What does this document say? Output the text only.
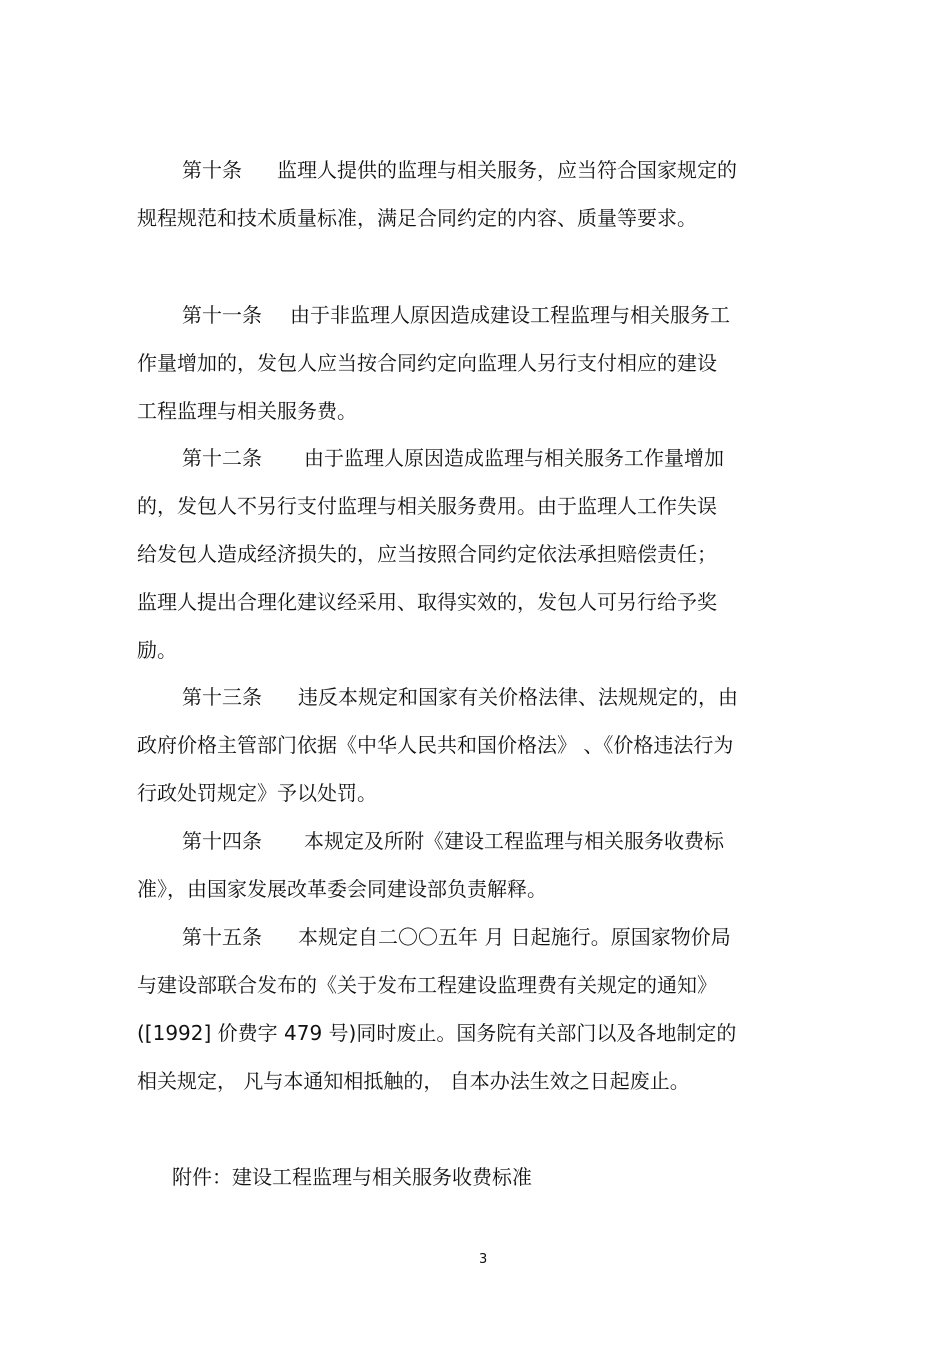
第十条 监理人提供的监理与相关服务，应当符合国家规定的
规程规范和技术质量标准，满足合同约定的内容、质量等要求。
第十一条 由于非监理人原因造成建设工程监理与相关服务工
作量增加的，发包人应当按合同约定向监理人另行支付相应的建设
工程监理与相关服务费。
第十二条 由于监理人原因造成监理与相关服务工作量增加
的，发包人不另行支付监理与相关服务费用。由于监理人工作失误
给发包人造成经济损失的，应当按照合同约定依法承担赔偿责任；
监理人提出合理化建议经采用、取得实效的，发包人可另行给予奖
励。
第十三条 违反本规定和国家有关价格法律、法规规定的，由
政府价格主管部门依据《中华人民共和国价格法》 、《价格违法行为
行政处罚规定》予以处罚。
第十四条 本规定及所附《建设工程监理与相关服务收费标
准》，由国家发展改革委会同建设部负责解释。
第十五条 本规定自二〇〇五年 月 日起施行。原国家物价局
与建设部联合发布的《关于发布工程建设监理费有关规定的通知》
([1992] 价费字 479 号)同时废止。国务院有关部门以及各地制定的
相关规定， 凡与本通知相抵触的， 自本办法生效之日起废止。
附件：建设工程监理与相关服务收费标准
3
